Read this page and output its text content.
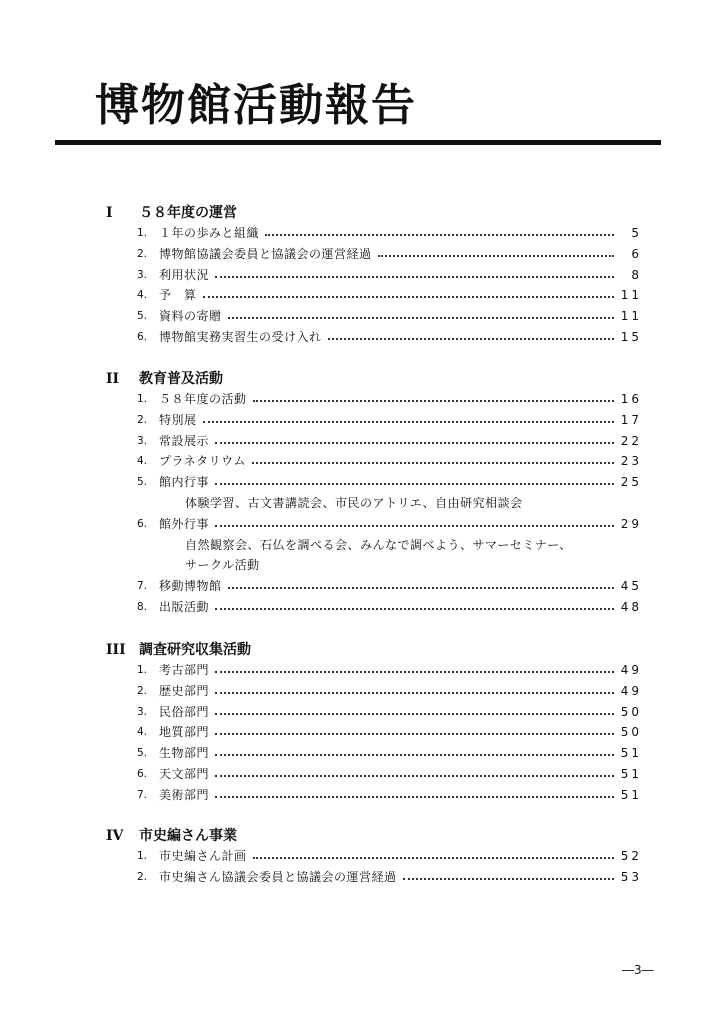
博物館活動報告
I ５８年度の運営
1. １年の歩みと組織	5
2. 博物館協議会委員と協議会の運営経過	6
3. 利用状況	8
4. 予　算	11
5. 資料の寄贈	11
6. 博物館実務実習生の受け入れ	15
II 教育普及活動
1. ５８年度の活動	16
2. 特別展	17
3. 常設展示	22
4. プラネタリウム	23
5. 館内行事	25
体験学習、古文書講読会、市民のアトリエ、自由研究相談会
6. 館外行事	29
自然観察会、石仏を調べる会、みんなで調べよう、サマーセミナー、
サークル活動
7. 移動博物館	45
8. 出版活動	48
III 調査研究収集活動
1. 考古部門	49
2. 歴史部門	49
3. 民俗部門	50
4. 地質部門	50
5. 生物部門	51
6. 天文部門	51
7. 美術部門	51
IV 市史編さん事業
1. 市史編さん計画	52
2. 市史編さん協議会委員と協議会の運営経過	53
―3―
